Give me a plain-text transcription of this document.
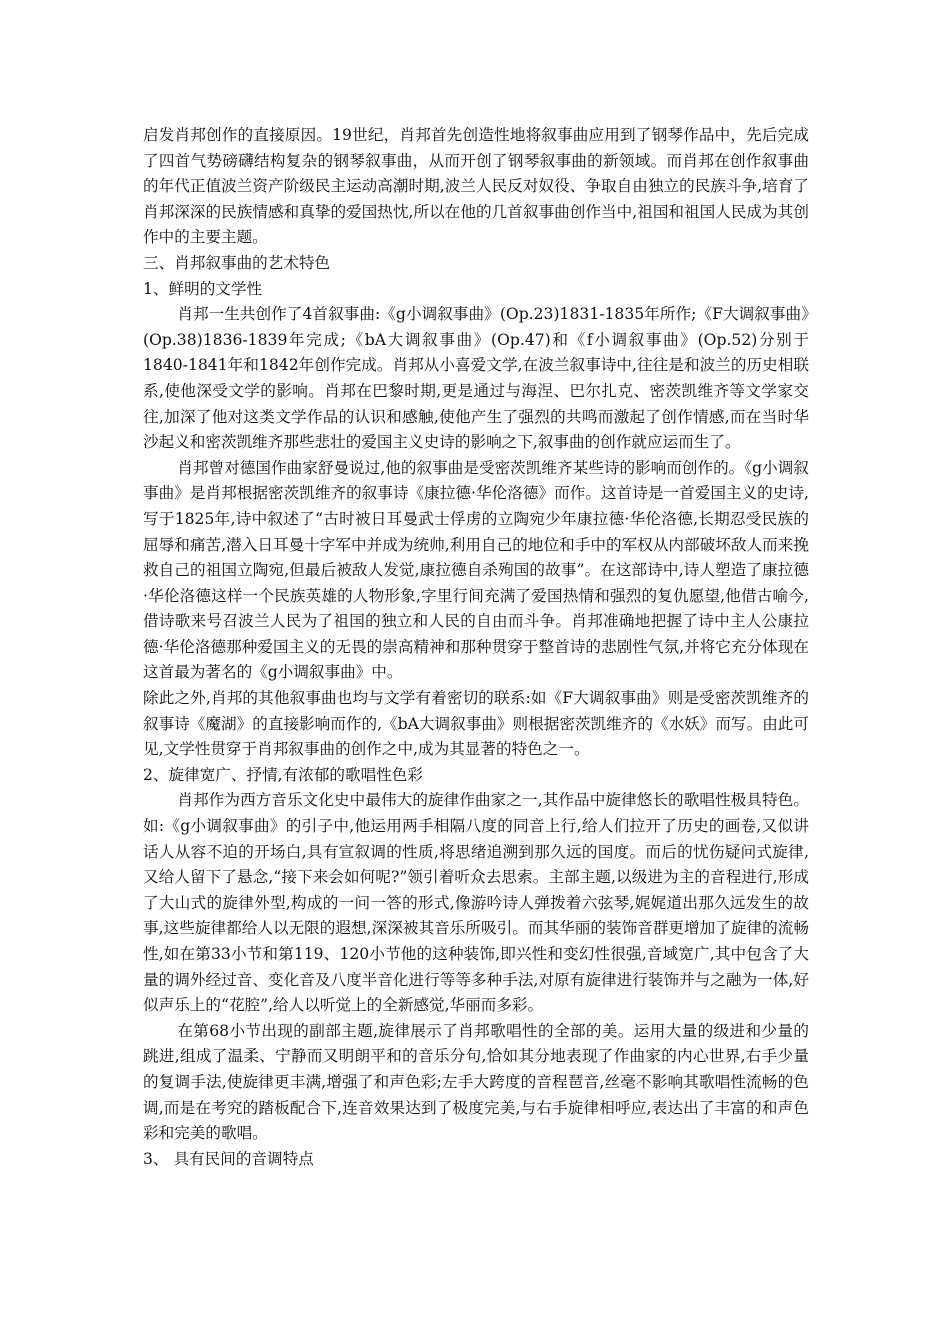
启发肖邦创作的直接原因。19世纪，肖邦首先创造性地将叙事曲应用到了钢琴作品中，先后完成了四首气势磅礴结构复杂的钢琴叙事曲，从而开创了钢琴叙事曲的新领域。而肖邦在创作叙事曲的年代正值波兰资产阶级民主运动高潮时期,波兰人民反对奴役、争取自由独立的民族斗争,培育了肖邦深深的民族情感和真挚的爱国热忱,所以在他的几首叙事曲创作当中,祖国和祖国人民成为其创作中的主要主题。

三、肖邦叙事曲的艺术特色

1、鲜明的文学性

肖邦一生共创作了4首叙事曲:《g小调叙事曲》(Op.23)1831-1835年所作;《F大调叙事曲》(Op.38)1836-1839年完成;《bA大调叙事曲》(Op.47)和《f小调叙事曲》(Op.52)分别于1840-1841年和1842年创作完成。肖邦从小喜爱文学,在波兰叙事诗中,往往是和波兰的历史相联系,使他深受文学的影响。肖邦在巴黎时期,更是通过与海涅、巴尔扎克、密茨凯维齐等文学家交往,加深了他对这类文学作品的认识和感触,使他产生了强烈的共鸣而激起了创作情感,而在当时华沙起义和密茨凯维齐那些悲壮的爱国主义史诗的影响之下,叙事曲的创作就应运而生了。

肖邦曾对德国作曲家舒曼说过,他的叙事曲是受密茨凯维齐某些诗的影响而创作的。《g小调叙事曲》是肖邦根据密茨凯维齐的叙事诗《康拉德·华伦洛德》而作。这首诗是一首爱国主义的史诗,写于1825年,诗中叙述了“古时被日耳曼武士俘虏的立陶宛少年康拉德·华伦洛德,长期忍受民族的屈辱和痛苦,潜入日耳曼十字军中并成为统帅,利用自己的地位和手中的军权从内部破坏敌人而来挽救自己的祖国立陶宛,但最后被敌人发觉,康拉德自杀殉国的故事”。在这部诗中,诗人塑造了康拉德·华伦洛德这样一个民族英雄的人物形象,字里行间充满了爱国热情和强烈的复仇愿望,他借古喻今,借诗歌来号召波兰人民为了祖国的独立和人民的自由而斗争。肖邦准确地把握了诗中主人公康拉德·华伦洛德那种爱国主义的无畏的崇高精神和那种贯穿于整首诗的悲剧性气氛,并将它充分体现在这首最为著名的《g小调叙事曲》中。

除此之外,肖邦的其他叙事曲也均与文学有着密切的联系:如《F大调叙事曲》则是受密茨凯维齐的叙事诗《魔湖》的直接影响而作的,《bA大调叙事曲》则根据密茨凯维齐的《水妖》而写。由此可见,文学性贯穿于肖邦叙事曲的创作之中,成为其显著的特色之一。

2、旋律宽广、抒情,有浓郁的歌唱性色彩

肖邦作为西方音乐文化史中最伟大的旋律作曲家之一,其作品中旋律悠长的歌唱性极具特色。如:《g小调叙事曲》的引子中,他运用两手相隔八度的同音上行,给人们拉开了历史的画卷,又似讲话人从容不迫的开场白,具有宣叙调的性质,将思绪追溯到那久远的国度。而后的忧伤疑问式旋律,又给人留下了悬念,“接下来会如何呢?”领引着听众去思索。主部主题,以级进为主的音程进行,形成了大山式的旋律外型,构成的一问一答的形式,像游吟诗人弹拨着六弦琴,娓娓道出那久远发生的故事,这些旋律都给人以无限的遐想,深深被其音乐所吸引。而其华丽的装饰音群更增加了旋律的流畅性,如在第33小节和第119、120小节他的这种装饰,即兴性和变幻性很强,音域宽广,其中包含了大量的调外经过音、变化音及八度半音化进行等等多种手法,对原有旋律进行装饰并与之融为一体,好似声乐上的“花腔”,给人以听觉上的全新感觉,华丽而多彩。

在第68小节出现的副部主题,旋律展示了肖邦歌唱性的全部的美。运用大量的级进和少量的跳进,组成了温柔、宁静而又明朗平和的音乐分句,恰如其分地表现了作曲家的内心世界,右手少量的复调手法,使旋律更丰满,增强了和声色彩;左手大跨度的音程琶音,丝毫不影响其歌唱性流畅的色调,而是在考究的踏板配合下,连音效果达到了极度完美,与右手旋律相呼应,表达出了丰富的和声色彩和完美的歌唱。

3、 具有民间的音调特点
